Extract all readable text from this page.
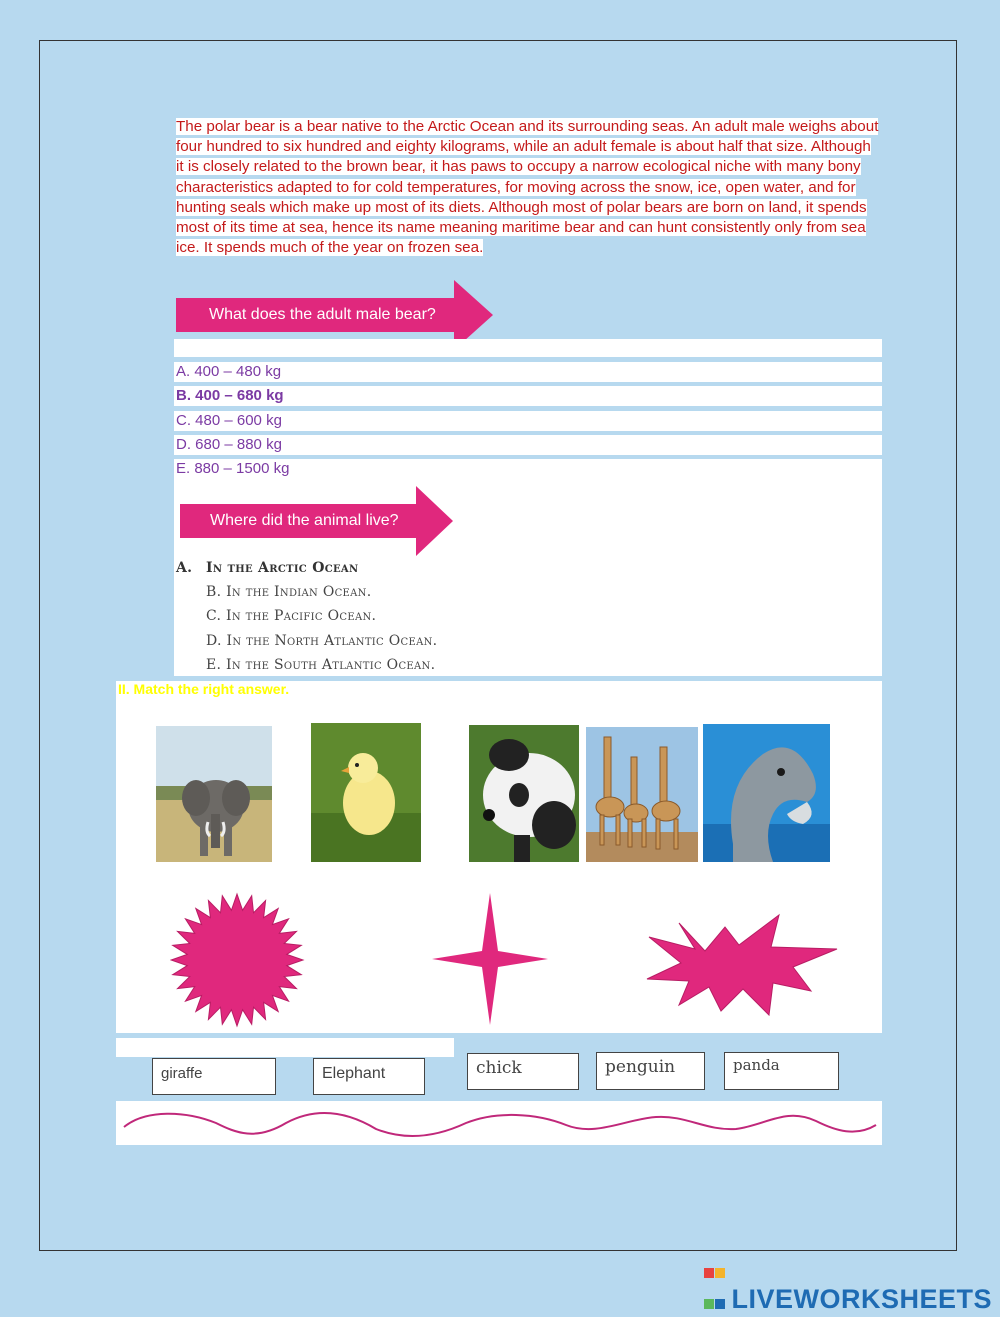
The polar bear is a bear native to the Arctic Ocean and its surrounding seas. An adult male weighs about four hundred to six hundred and eighty kilograms, while an adult female is about half that size. Although it is closely related to the brown bear, it has paws to occupy a narrow ecological niche with many bony characteristics adapted to for cold temperatures, for moving across the snow, ice, open water, and for hunting seals which make up most of its diets. Although most of polar bears are born on land, it spends most of its time at sea, hence its name meaning maritime bear and can hunt consistently only from sea ice. It spends much of the year on frozen sea.
What does the adult male bear?
A. 400 – 480 kg
B. 400 – 680 kg
C. 480 – 600 kg
D. 680 – 880 kg
E. 880 – 1500 kg
Where did the animal live?
A. In the Arctic Ocean
B. In the Indian Ocean.
C. In the Pacific Ocean.
D. In the North Atlantic Ocean.
E. In the South Atlantic Ocean.
II. Match the right answer.
giraffe	Elephant	chick	penguin	panda

LIVEWORKSHEETS
